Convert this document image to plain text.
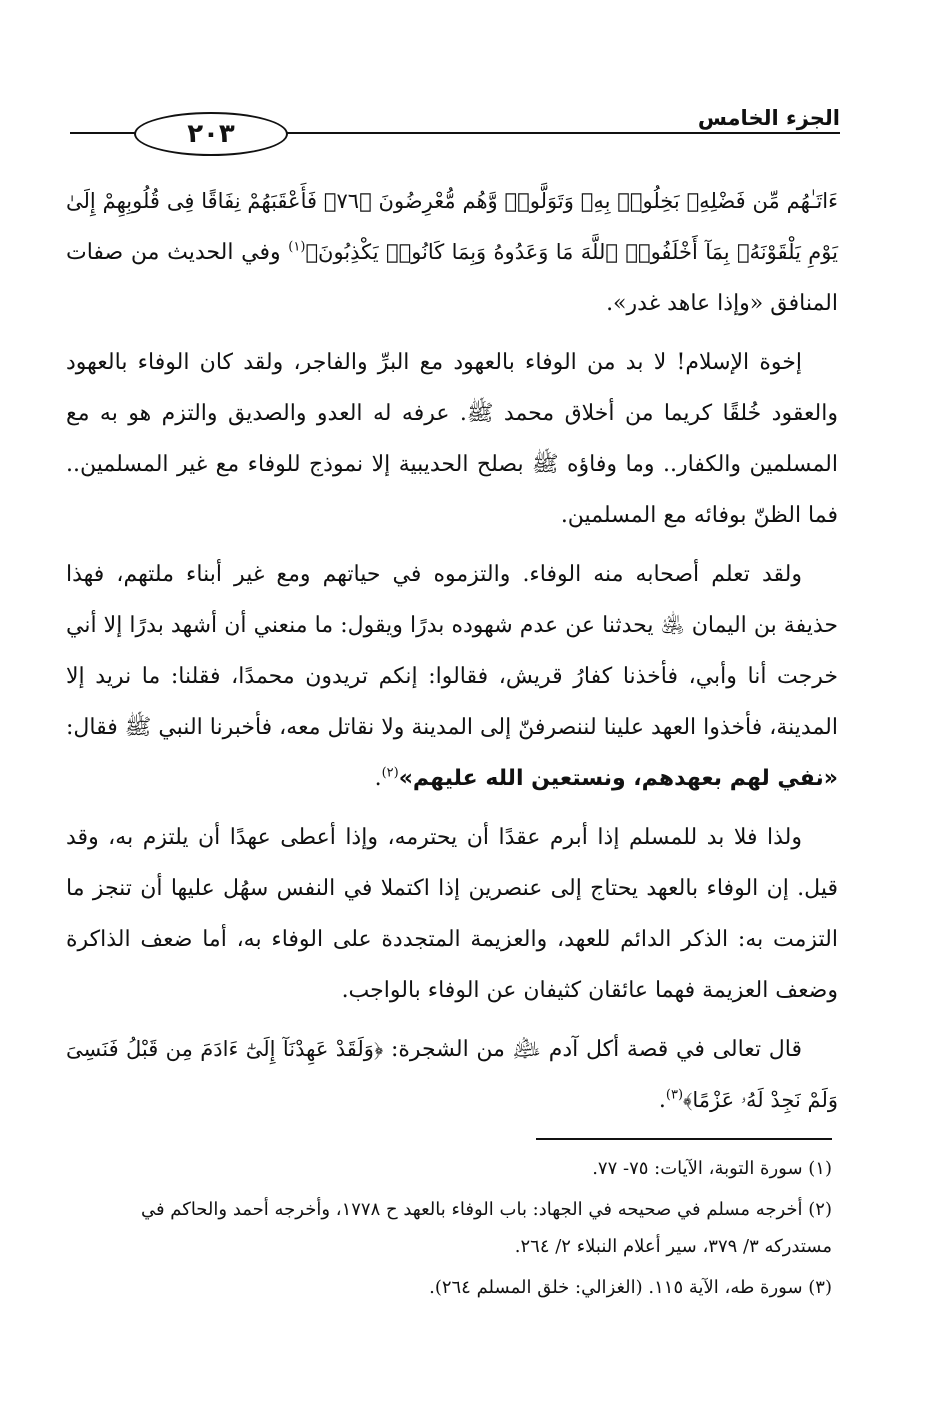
٢٠٣
الجزء الخامس

ءَاتَـٰهُم مِّن فَضْلِهِۦ بَخِلُوا۟ بِهِۦ وَتَوَلَّوا۟ وَّهُم مُّعْرِضُونَ ﴿٧٦﴾ فَأَعْقَبَهُمْ نِفَاقًا فِى قُلُوبِهِمْ إِلَىٰ يَوْمِ يَلْقَوْنَهُۥ بِمَآ أَخْلَفُوا۟ ٱللَّهَ مَا وَعَدُوهُ وَبِمَا كَانُوا۟ يَكْذِبُونَ﴾$^{(١)}$ وفي الحديث من صفات المنافق «وإذا عاهد غدر».

إخوة الإسلام! لا بد من الوفاء بالعهود مع البرِّ والفاجر، ولقد كان الوفاء بالعهود والعقود خُلقًا كريما من أخلاق محمد ﷺ. عرفه له العدو والصديق والتزم هو به مع المسلمين والكفار.. وما وفاؤه ﷺ بصلح الحديبية إلا نموذج للوفاء مع غير المسلمين.. فما الظنّ بوفائه مع المسلمين.

ولقد تعلم أصحابه منه الوفاء. والتزموه في حياتهم ومع غير أبناء ملتهم، فهذا حذيفة بن اليمان ﵁ يحدثنا عن عدم شهوده بدرًا ويقول: ما منعني أن أشهد بدرًا إلا أني خرجت أنا وأبي، فأخذنا كفارُ قريش، فقالوا: إنكم تريدون محمدًا، فقلنا: ما نريد إلا المدينة، فأخذوا العهد علينا لننصرفنّ إلى المدينة ولا نقاتل معه، فأخبرنا النبي ﷺ فقال: «نفي لهم بعهدهم، ونستعين الله عليهم»$^{(٢)}$.

ولذا فلا بد للمسلم إذا أبرم عقدًا أن يحترمه، وإذا أعطى عهدًا أن يلتزم به، وقد قيل. إن الوفاء بالعهد يحتاج إلى عنصرين إذا اكتملا في النفس سهُل عليها أن تنجز ما التزمت به: الذكر الدائم للعهد، والعزيمة المتجددة على الوفاء به، أما ضعف الذاكرة وضعف العزيمة فهما عائقان كثيفان عن الوفاء بالواجب.

قال تعالى في قصة أكل آدم ﵇ من الشجرة: ﴿وَلَقَدْ عَهِدْنَآ إِلَىٰٓ ءَادَمَ مِن قَبْلُ فَنَسِىَ وَلَمْ نَجِدْ لَهُۥ عَزْمًا﴾$^{(٣)}$.

(١) سورة التوبة، الآيات: ٧٥- ٧٧.

(٢) أخرجه مسلم في صحيحه في الجهاد: باب الوفاء بالعهد ح ١٧٧٨، وأخرجه أحمد والحاكم في مستدركه ٣/ ٣٧٩، سير أعلام النبلاء ٢/ ٢٦٤.

(٣) سورة طه، الآية ١١٥. (الغزالي: خلق المسلم ٢٦٤).
